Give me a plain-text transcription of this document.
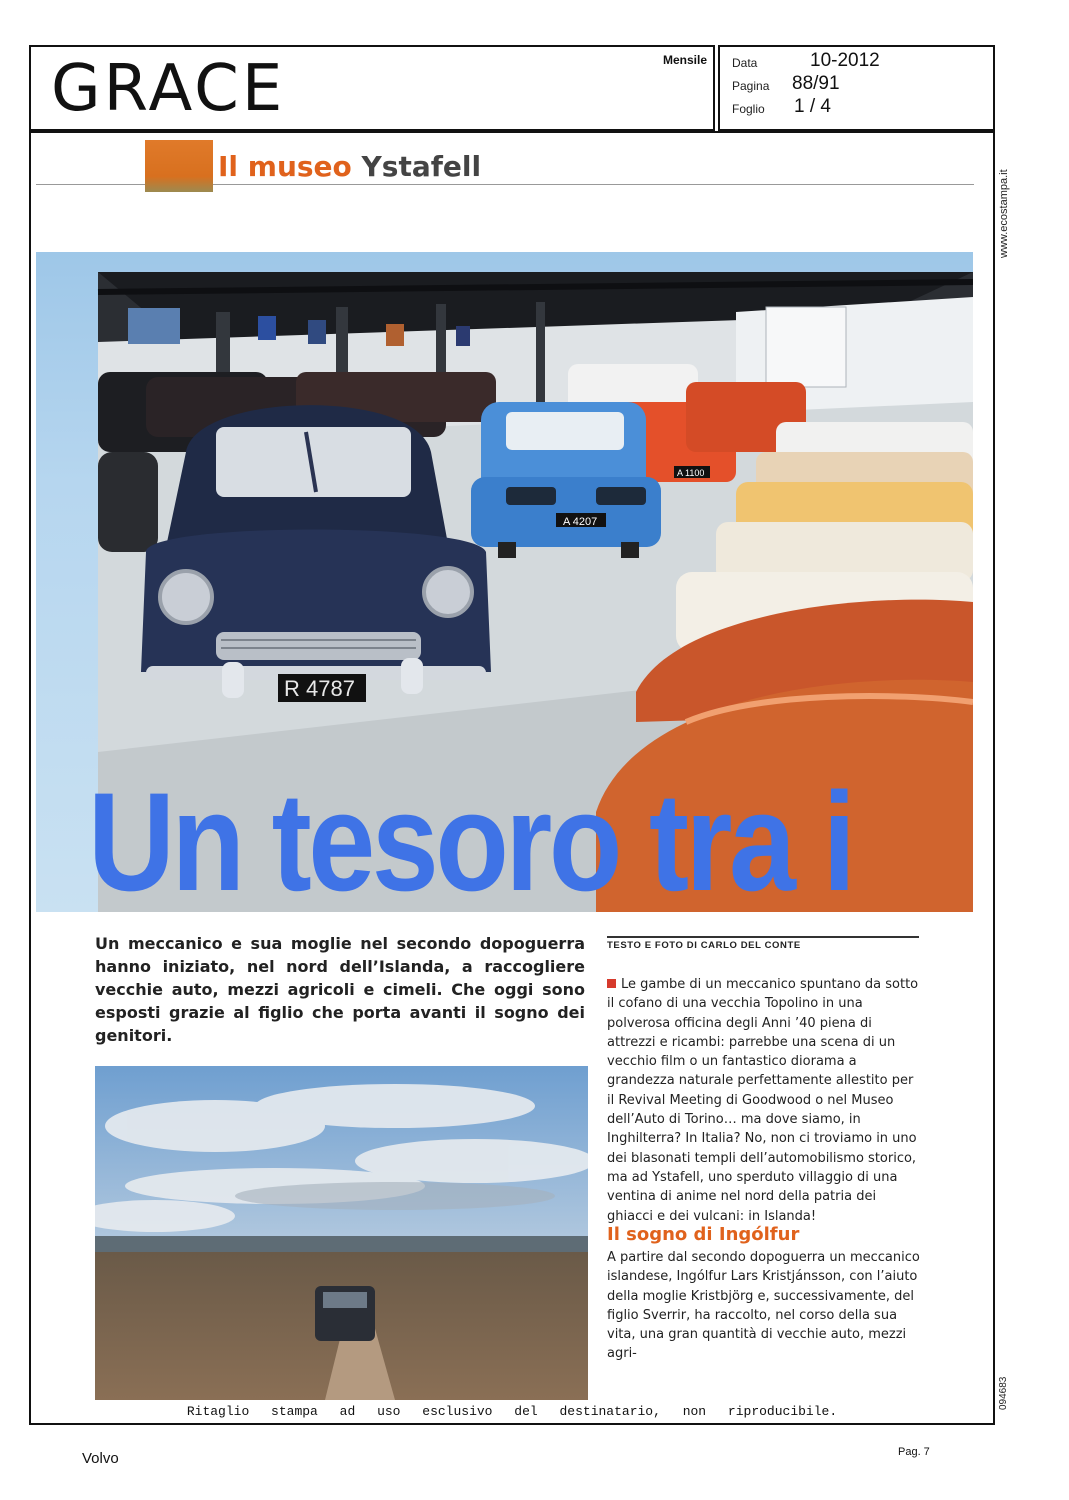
GRACE	Mensile Data	10-2012
Pagina 88/91
Foglio 1 / 4
www.ecostampa.it
094683
Il museo Ystafell
A 4207
A 1100
R 4787
Un tesoro tra i
Un meccanico e sua moglie nel secondo dopoguerra hanno iniziato, nel nord dell’Islanda, a raccogliere vecchie auto, mezzi agricoli e cimeli. Che oggi sono esposti grazie al figlio che porta avanti il sogno dei genitori.
TESTO E FOTO DI CARLO DEL CONTE
Le gambe di un meccanico spuntano da sotto il cofano di una vecchia Topolino in una polverosa officina degli Anni ’40 piena di attrezzi e ricambi: parrebbe una scena di un vecchio film o un fantastico diorama a grandezza naturale perfettamente allestito per il Revival Meeting di Goodwood o nel Museo dell’Auto di Torino… ma dove siamo, in Inghilterra? In Italia? No, non ci troviamo in uno dei blasonati templi dell’automobilismo storico, ma ad Ystafell, uno sperduto villaggio di una ventina di anime nel nord della patria dei ghiacci e dei vulcani: in Islanda!
Il sogno di Ingólfur
A partire dal secondo dopoguerra un meccanico islandese, Ingólfur Lars Kristjánsson, con l’aiuto della moglie Kristbjörg e, successivamente, del figlio Sverrir, ha raccolto, nel corso della sua vita, una gran quantità di vecchie auto, mezzi agri-
Ritaglio stampa ad uso esclusivo del destinatario, non riproducibile.
Volvo	Pag. 7
